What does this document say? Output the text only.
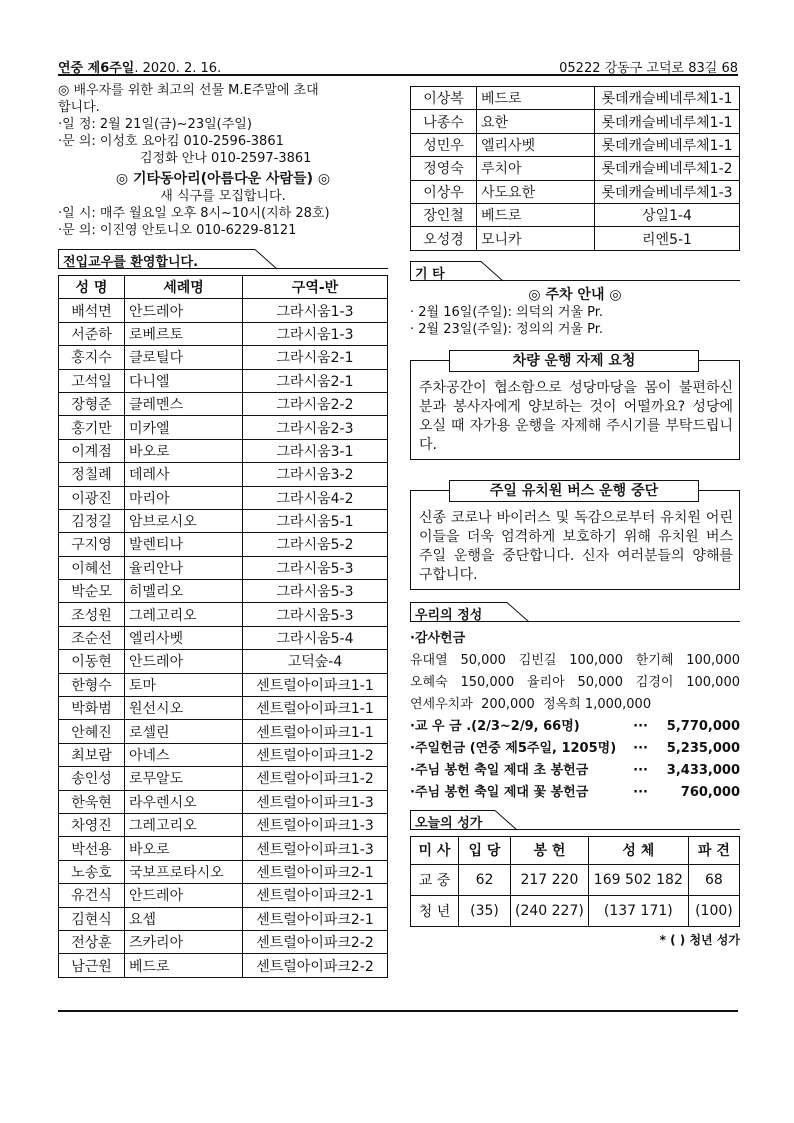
연중 제6주일. 2020. 2. 16.	05222 강동구 고덕로 83길 68
◎ 배우자를 위한 최고의 선물 M.E주말에 초대
합니다.
·일 정: 2월 21일(금)~23일(주일)
·문 의: 이성호 요아킴 010-2596-3861
김정화 안나 010-2597-3861
◎ 기타동아리(아름다운 사람들) ◎
새 식구를 모집합니다.
·일 시: 매주 월요일 오후 8시~10시(지하 28호)
·문 의: 이진영 안토니오 010-6229-8121
전입교우를 환영합니다.
성 명	세례명	구역-반
배석면	안드레아	그라시움1-3
서준하	로베르토	그라시움1-3
홍지수	클로틸다	그라시움2-1
고석일	다니엘	그라시움2-1
장형준	클레멘스	그라시움2-2
홍기만	미카엘	그라시움2-3
이계점	바오로	그라시움3-1
정칠례	데레사	그라시움3-2
이광진	마리아	그라시움4-2
김정길	암브로시오	그라시움5-1
구지영	발렌티나	그라시움5-2
이혜선	율리안나	그라시움5-3
박순모	히멜리오	그라시움5-3
조성원	그레고리오	그라시움5-3
조순선	엘리사벳	그라시움5-4
이동현	안드레아	고덕숲-4
한형수	토마	센트럴아이파크1-1
박화범	원선시오	센트럴아이파크1-1
안혜진	로셀린	센트럴아이파크1-1
최보람	아네스	센트럴아이파크1-2
송인성	로무알도	센트럴아이파크1-2
한욱현	라우렌시오	센트럴아이파크1-3
차영진	그레고리오	센트럴아이파크1-3
박선용	바오로	센트럴아이파크1-3
노송호	국보프로타시오	센트럴아이파크2-1
유건식	안드레아	센트럴아이파크2-1
김현식	요셉	센트럴아이파크2-1
전상훈	즈카리아	센트럴아이파크2-2
남근원	베드로	센트럴아이파크2-2
이상복	베드로	롯데캐슬베네루체1-1
나종수	요한	롯데캐슬베네루체1-1
성민우	엘리사벳	롯데캐슬베네루체1-1
정영숙	루치아	롯데캐슬베네루체1-2
이상우	사도요한	롯데캐슬베네루체1-3
장인철	베드로	상일1-4
오성경	모니카	리엔5-1
기 타
◎ 주차 안내 ◎
· 2월 16일(주일): 의덕의 거울 Pr.
· 2월 23일(주일): 정의의 거울 Pr.
차량 운행 자제 요청
주차공간이 협소함으로 성당마당을 몸이 불편하신 분과 봉사자에게 양보하는 것이 어떨까요? 성당에 오실 때 자가용 운행을 자제해 주시기를 부탁드립니다.
주일 유치원 버스 운행 중단
신종 코로나 바이러스 및 독감으로부터 유치원 어린이들을 더욱 엄격하게 보호하기 위해 유치원 버스 주일 운행을 중단합니다. 신자 여러분들의 양해를 구합니다.
우리의 정성
·감사헌금
유대열 50,000 김빈길 100,000 한기혜 100,000
오혜숙 150,000 율리아 50,000 김경이 100,000
연세우치과 200,000 정옥희 1,000,000
·교 우 금 .(2/3~2/9, 66명)	··· 5,770,000
·주일헌금 (연중 제5주일, 1205명) ··· 5,235,000
·주님 봉헌 축일 제대 초 봉헌금	··· 3,433,000
·주님 봉헌 축일 제대 꽃 봉헌금	···	760,000
오늘의 성가
미 사	입 당	봉 헌	성 체	파 견
교 중	62	217 220	169 502 182	68
청 년	(35)	(240 227)	(137 171)	(100)
* ( ) 청년 성가
